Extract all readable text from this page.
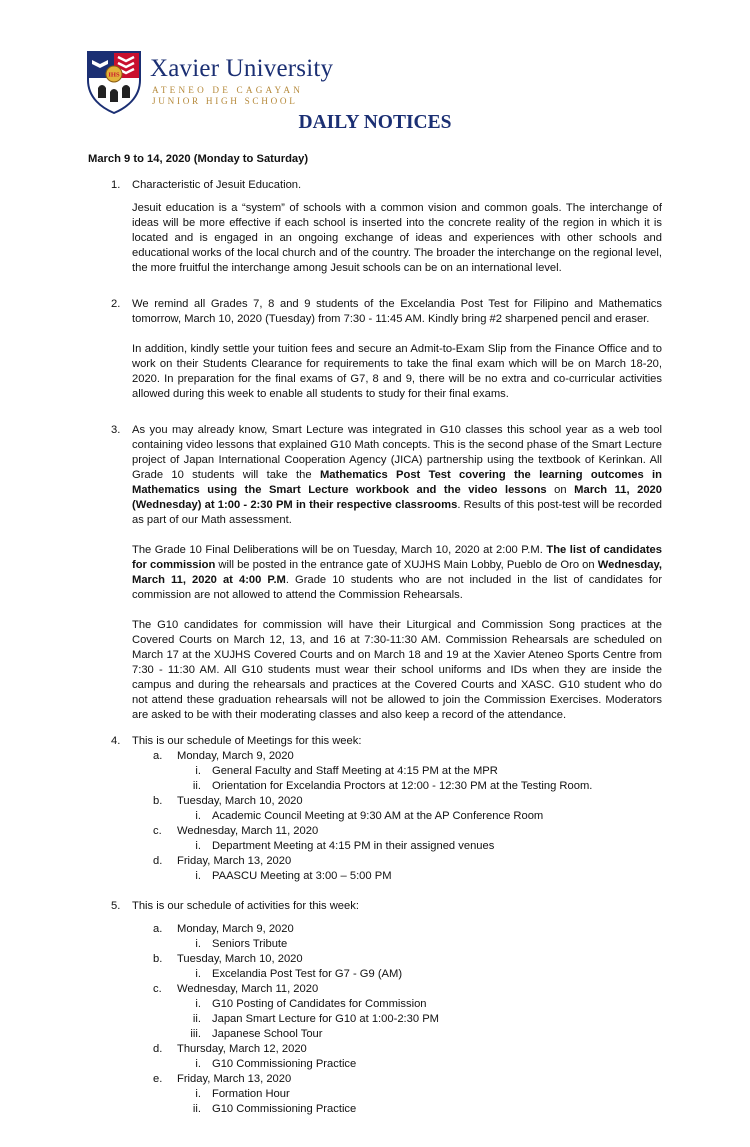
IHS Xavier University
ATENEO DE CAGAYAN
JUNIOR HIGH SCHOOL
DAILY NOTICES
March 9 to 14, 2020 (Monday to Saturday)
1. Characteristic of Jesuit Education.
Jesuit education is a “system” of schools with a common vision and common goals. The interchange of ideas will be more effective if each school is inserted into the concrete reality of the region in which it is located and is engaged in an ongoing exchange of ideas and experiences with other schools and educational works of the local church and of the country. The broader the interchange on the regional level, the more fruitful the interchange among Jesuit schools can be on an international level.
2. We remind all Grades 7, 8 and 9 students of the Excelandia Post Test for Filipino and Mathematics tomorrow, March 10, 2020 (Tuesday) from 7:30 - 11:45 AM. Kindly bring #2 sharpened pencil and eraser.
In addition, kindly settle your tuition fees and secure an Admit-to-Exam Slip from the Finance Office and to work on their Students Clearance for requirements to take the final exam which will be on March 18-20, 2020. In preparation for the final exams of G7, 8 and 9, there will be no extra and co-curricular activities allowed during this week to enable all students to study for their final exams.
3. As you may already know, Smart Lecture was integrated in G10 classes this school year as a web tool containing video lessons that explained G10 Math concepts. This is the second phase of the Smart Lecture project of Japan International Cooperation Agency (JICA) partnership using the textbook of Kerinkan. All Grade 10 students will take the Mathematics Post Test covering the learning outcomes in Mathematics using the Smart Lecture workbook and the video lessons on March 11, 2020 (Wednesday) at 1:00 - 2:30 PM in their respective classrooms. Results of this post-test will be recorded as part of our Math assessment.
The Grade 10 Final Deliberations will be on Tuesday, March 10, 2020 at 2:00 P.M. The list of candidates for commission will be posted in the entrance gate of XUJHS Main Lobby, Pueblo de Oro on Wednesday, March 11, 2020 at 4:00 P.M. Grade 10 students who are not included in the list of candidates for commission are not allowed to attend the Commission Rehearsals.
The G10 candidates for commission will have their Liturgical and Commission Song practices at the Covered Courts on March 12, 13, and 16 at 7:30-11:30 AM. Commission Rehearsals are scheduled on March 17 at the XUJHS Covered Courts and on March 18 and 19 at the Xavier Ateneo Sports Centre from 7:30 - 11:30 AM. All G10 students must wear their school uniforms and IDs when they are inside the campus and during the rehearsals and practices at the Covered Courts and XASC. G10 student who do not attend these graduation rehearsals will not be allowed to join the Commission Exercises. Moderators are asked to be with their moderating classes and also keep a record of the attendance.
4. This is our schedule of Meetings for this week:
a. Monday, March 9, 2020
i. General Faculty and Staff Meeting at 4:15 PM at the MPR
ii. Orientation for Excelandia Proctors at 12:00 - 12:30 PM at the Testing Room.
b. Tuesday, March 10, 2020
i. Academic Council Meeting at 9:30 AM at the AP Conference Room
c. Wednesday, March 11, 2020
i. Department Meeting at 4:15 PM in their assigned venues
d. Friday, March 13, 2020
i. PAASCU Meeting at 3:00 – 5:00 PM
5. This is our schedule of activities for this week:
a. Monday, March 9, 2020
i. Seniors Tribute
b. Tuesday, March 10, 2020
i. Excelandia Post Test for G7 - G9 (AM)
c. Wednesday, March 11, 2020
i. G10 Posting of Candidates for Commission
ii. Japan Smart Lecture for G10 at 1:00-2:30 PM
iii. Japanese School Tour
d. Thursday, March 12, 2020
i. G10 Commissioning Practice
e. Friday, March 13, 2020
i. Formation Hour
ii. G10 Commissioning Practice
